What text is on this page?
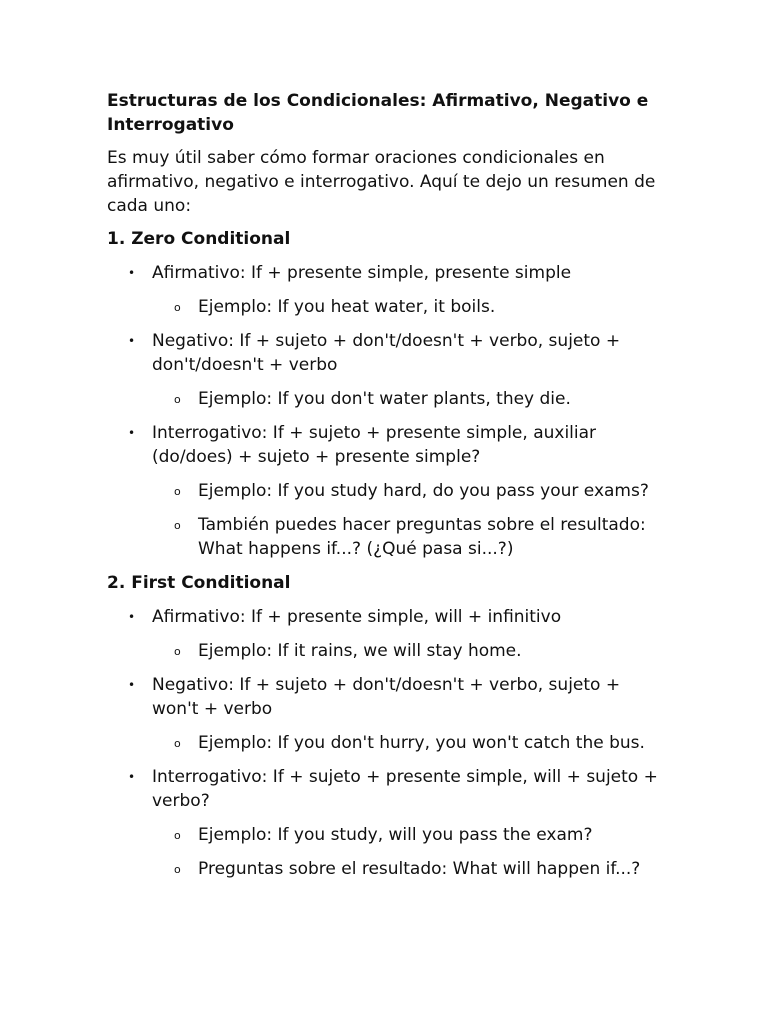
Estructuras de los Condicionales: Afirmativo, Negativo e Interrogativo
Es muy útil saber cómo formar oraciones condicionales en afirmativo, negativo e interrogativo. Aquí te dejo un resumen de cada uno:
1. Zero Conditional
• Afirmativo: If + presente simple, presente simple
o Ejemplo: If you heat water, it boils.
• Negativo: If + sujeto + don't/doesn't + verbo, sujeto + don't/doesn't + verbo
o Ejemplo: If you don't water plants, they die.
• Interrogativo: If + sujeto + presente simple, auxiliar (do/does) + sujeto + presente simple?
o Ejemplo: If you study hard, do you pass your exams?
o También puedes hacer preguntas sobre el resultado: What happens if...? (¿Qué pasa si...?)
2. First Conditional
• Afirmativo: If + presente simple, will + infinitivo
o Ejemplo: If it rains, we will stay home.
• Negativo: If + sujeto + don't/doesn't + verbo, sujeto + won't + verbo
o Ejemplo: If you don't hurry, you won't catch the bus.
• Interrogativo: If + sujeto + presente simple, will + sujeto + verbo?
o Ejemplo: If you study, will you pass the exam?
o Preguntas sobre el resultado: What will happen if...?
